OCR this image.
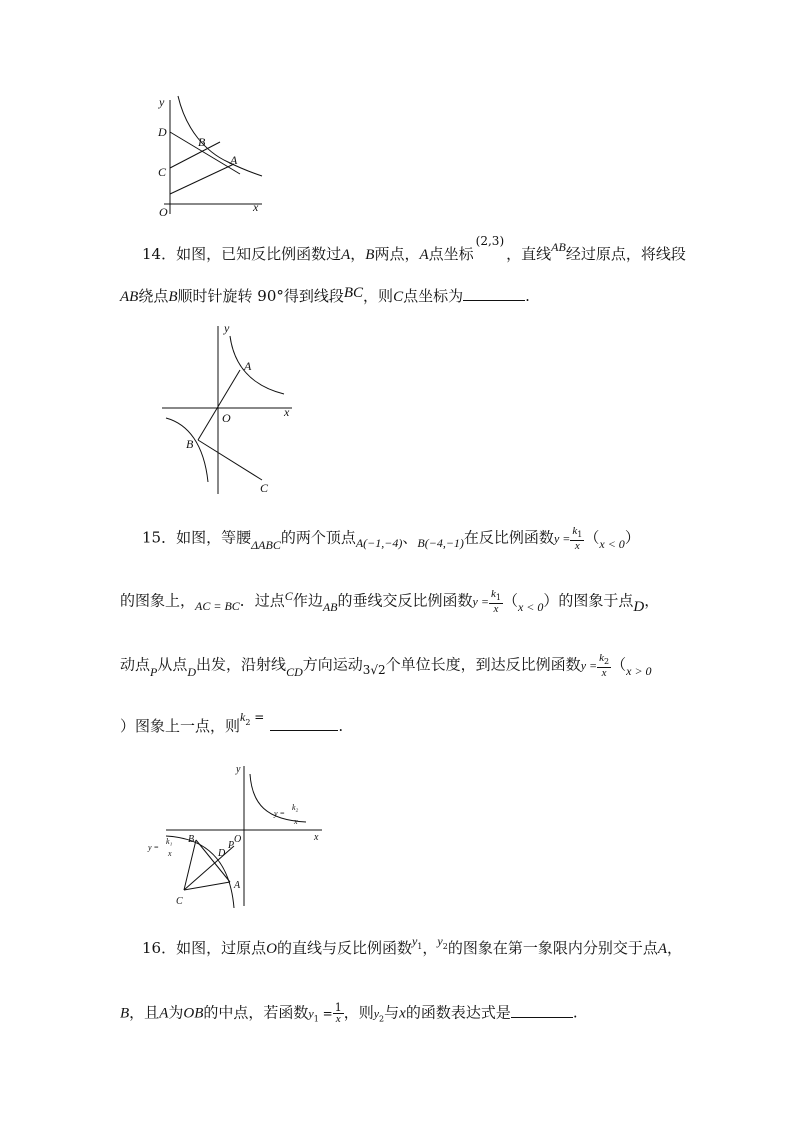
y
D
B
A
C
O	x
14．如图，已知反比例函数过A，B两点，A点坐标$^{(2,3)}$，直线$^{AB}$经过原点，将线段
AB绕点B顺时针旋转 90°得到线段BC，则C点坐标为	.
y
A
O	x
B
C
15．如图，等腰$_{\Delta ABC}$的两个顶点$_{A(-1,-4)}$、$_{B(-4,-1)}$在反比例函数$y = \frac{k_1}{x} (_{x < 0})$
的图象上，$_{AC = BC}$．过点$^C$作边$_{AB}$的垂线交反比例函数$y = \frac{k_1}{x} (_{x < 0})$的图象于点D，
动点$_P$从点$_D$出发，沿射线$_{CD}$方向运动$_{3√2}$个单位长度，到达反比例函数$y = \frac{k_2}{x} (_{x > 0}$
）图象上一点，则$^k_2$ =	.
y
x
O
B
D
P
A
C
y =
k₁
x
y =
k₂
x
16．如图，过原点O的直线与反比例函数$^y_1$，$^y_2$的图象在第一象限内分别交于点A，
B，且A为OB的中点，若函数$y_1 = \frac{1}{x}$ ，则$y_2$与x的函数表达式是	.
